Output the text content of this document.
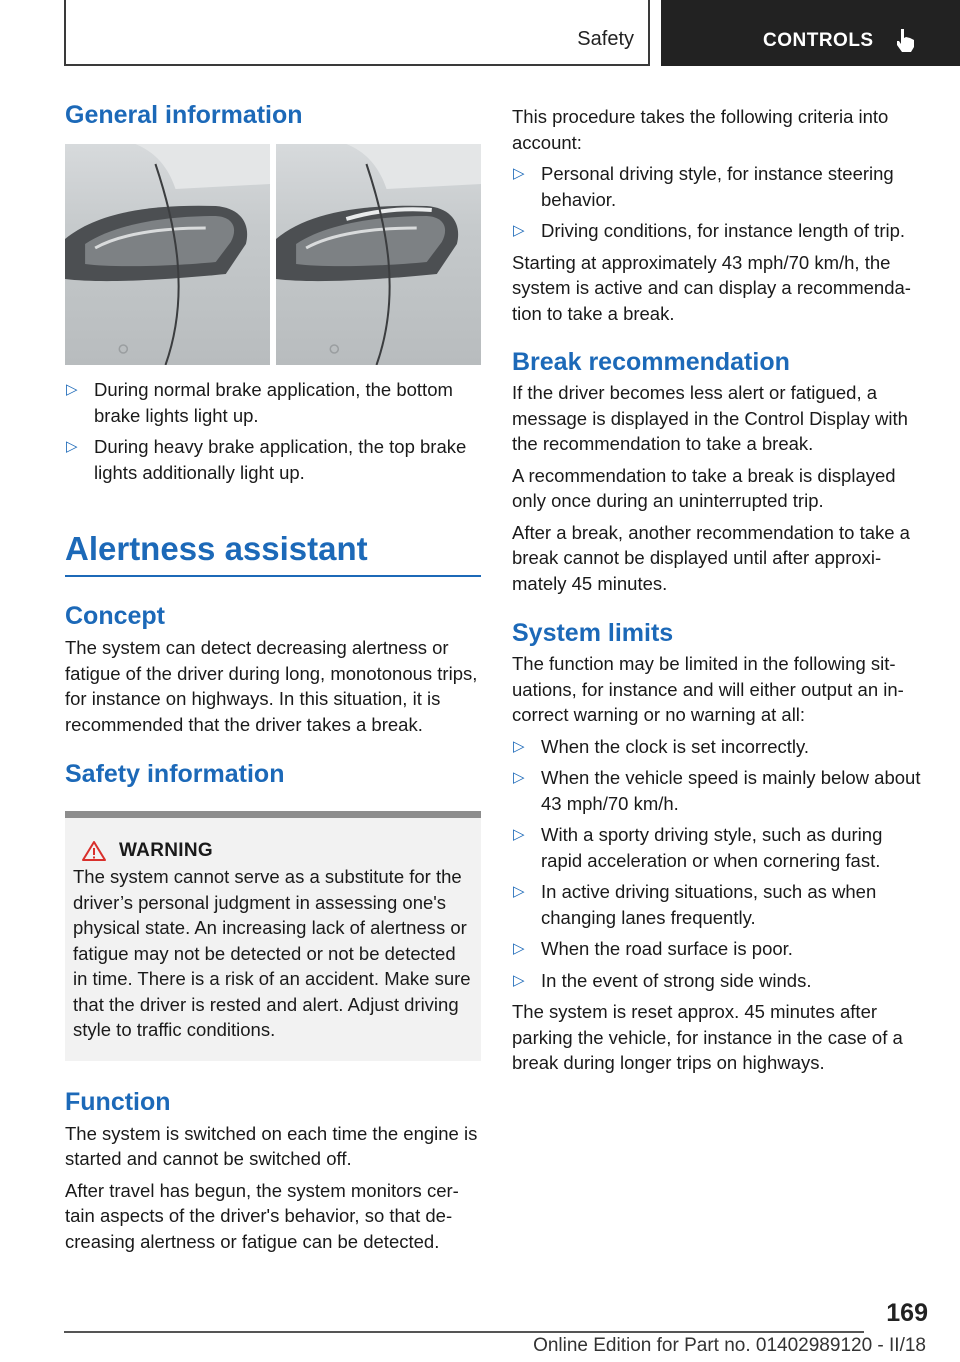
Safety	CONTROLS
General information
▷ During normal brake application, the bottom brake lights light up.
▷ During heavy brake application, the top brake lights additionally light up.
Alertness assistant
Concept

The system can detect decreasing alertness or fatigue of the driver during long, monotonous trips, for instance on highways. In this situation, it is recommended that the driver takes a break.

Safety information
WARNING

The system cannot serve as a substitute for the driver’s personal judgment in assessing one's physical state. An increasing lack of alertness or fatigue may not be detected or not be detected in time. There is a risk of an accident. Make sure that the driver is rested and alert. Adjust driving style to traffic conditions.

Function

The system is switched on each time the engine is started and cannot be switched off.

After travel has begun, the system monitors cer-tain aspects of the driver's behavior, so that de-creasing alertness or fatigue can be detected.

This procedure takes the following criteria into account:

▷ Personal driving style, for instance steering behavior.
▷ Driving conditions, for instance length of trip.

Starting at approximately 43 mph/70 km/h, the system is active and can display a recommenda-tion to take a break.

Break recommendation

If the driver becomes less alert or fatigued, a message is displayed in the Control Display with the recommendation to take a break.

A recommendation to take a break is displayed only once during an uninterrupted trip.

After a break, another recommendation to take a break cannot be displayed until after approxi-mately 45 minutes.

System limits

The function may be limited in the following sit-uations, for instance and will either output an in-correct warning or no warning at all:

▷ When the clock is set incorrectly.
▷ When the vehicle speed is mainly below about 43 mph/70 km/h.
▷ With a sporty driving style, such as during rapid acceleration or when cornering fast.
▷ In active driving situations, such as when changing lanes frequently.
▷ When the road surface is poor.
▷ In the event of strong side winds.

The system is reset approx. 45 minutes after parking the vehicle, for instance in the case of a break during longer trips on highways.

169
Online Edition for Part no. 01402989120 - II/18
